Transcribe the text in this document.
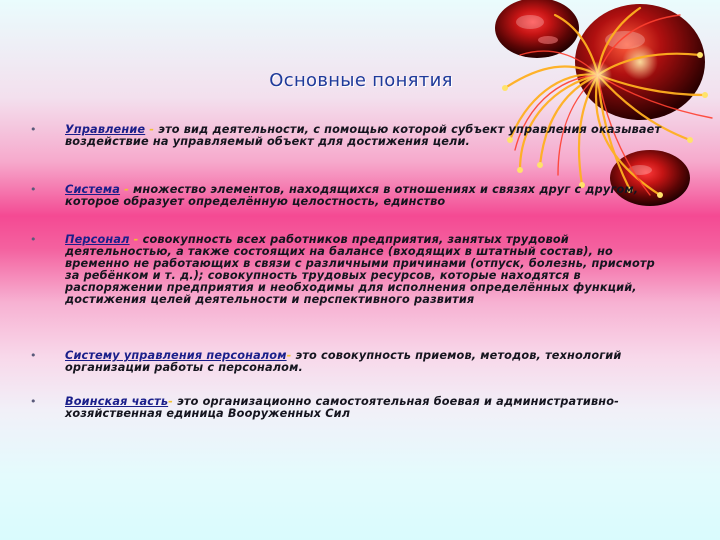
Основные понятия
•	Управление - это вид деятельности, с помощью которой субъект управления оказывает воздействие на управляемый объект для достижения цели.
•	Система - множество элементов, находящихся в отношениях и связях друг с другом, которое образует определённую целостность, единство
•	Персонал - совокупность всех работников предприятия, занятых трудовой деятельностью, а также состоящих на балансе (входящих в штатный состав), но временно не работающих в связи с различными причинами (отпуск, болезнь, присмотр за ребёнком и т. д.); совокупность трудовых ресурсов, которые находятся в распоряжении предприятия и необходимы для исполнения определённых функций, достижения целей деятельности и перспективного развития
•	Систему управления персоналом- это совокупность приемов, методов, технологий организации работы с персоналом.
•	Воинская часть- это организационно самостоятельная боевая и административно-хозяйственная единица Вооруженных Сил
